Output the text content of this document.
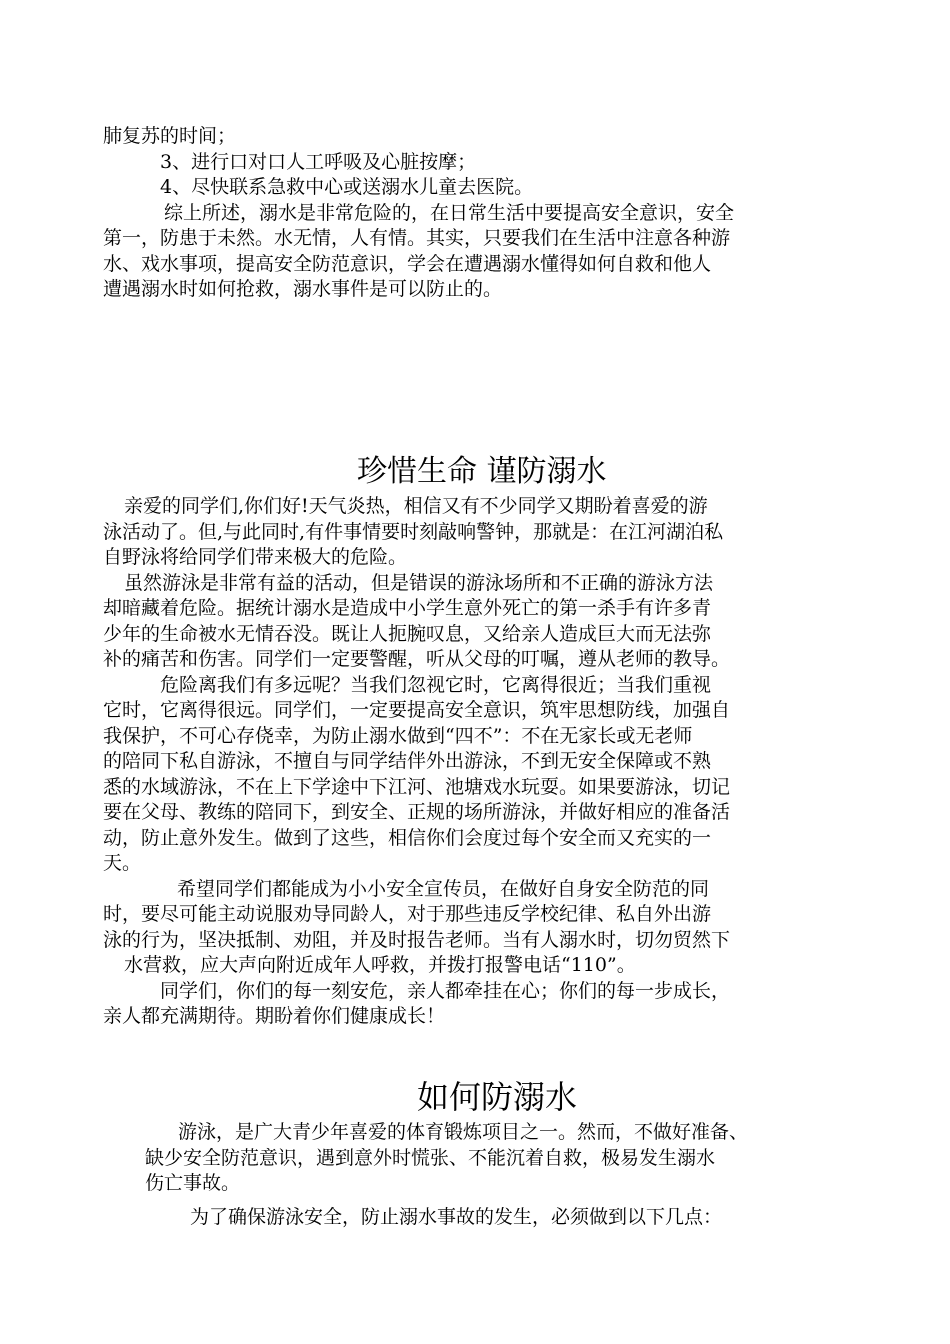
肺复苏的时间；
3、进行口对口人工呼吸及心脏按摩；
4、尽快联系急救中心或送溺水儿童去医院。
综上所述，溺水是非常危险的，在日常生活中要提高安全意识，安全
第一，防患于未然。水无情，人有情。其实，只要我们在生活中注意各种游
水、戏水事项，提高安全防范意识，学会在遭遇溺水懂得如何自救和他人
遭遇溺水时如何抢救，溺水事件是可以防止的。
珍惜生命 谨防溺水
亲爱的同学们,你们好!天气炎热，相信又有不少同学又期盼着喜爱的游
泳活动了。但,与此同时,有件事情要时刻敲响警钟，那就是：在江河湖泊私
自野泳将给同学们带来极大的危险。
虽然游泳是非常有益的活动，但是错误的游泳场所和不正确的游泳方法
却暗藏着危险。据统计溺水是造成中小学生意外死亡的第一杀手有许多青
少年的生命被水无情吞没。既让人扼腕叹息，又给亲人造成巨大而无法弥
补的痛苦和伤害。同学们一定要警醒，听从父母的叮嘱，遵从老师的教导。
危险离我们有多远呢？当我们忽视它时，它离得很近；当我们重视
它时，它离得很远。同学们，一定要提高安全意识，筑牢思想防线，加强自
我保护，不可心存侥幸，为防止溺水做到“四不”：不在无家长或无老师
的陪同下私自游泳，不擅自与同学结伴外出游泳，不到无安全保障或不熟
悉的水域游泳，不在上下学途中下江河、池塘戏水玩耍。如果要游泳，切记
要在父母、教练的陪同下，到安全、正规的场所游泳，并做好相应的准备活
动，防止意外发生。做到了这些，相信你们会度过每个安全而又充实的一
天。
希望同学们都能成为小小安全宣传员，在做好自身安全防范的同
时，要尽可能主动说服劝导同龄人，对于那些违反学校纪律、私自外出游
泳的行为，坚决抵制、劝阻，并及时报告老师。当有人溺水时，切勿贸然下
水营救，应大声向附近成年人呼救，并拨打报警电话“110”。
同学们，你们的每一刻安危，亲人都牵挂在心；你们的每一步成长，
亲人都充满期待。期盼着你们健康成长！
如何防溺水
游泳，是广大青少年喜爱的体育锻炼项目之一。然而，不做好准备、
缺少安全防范意识，遇到意外时慌张、不能沉着自救，极易发生溺水
伤亡事故。
为了确保游泳安全，防止溺水事故的发生，必须做到以下几点：
